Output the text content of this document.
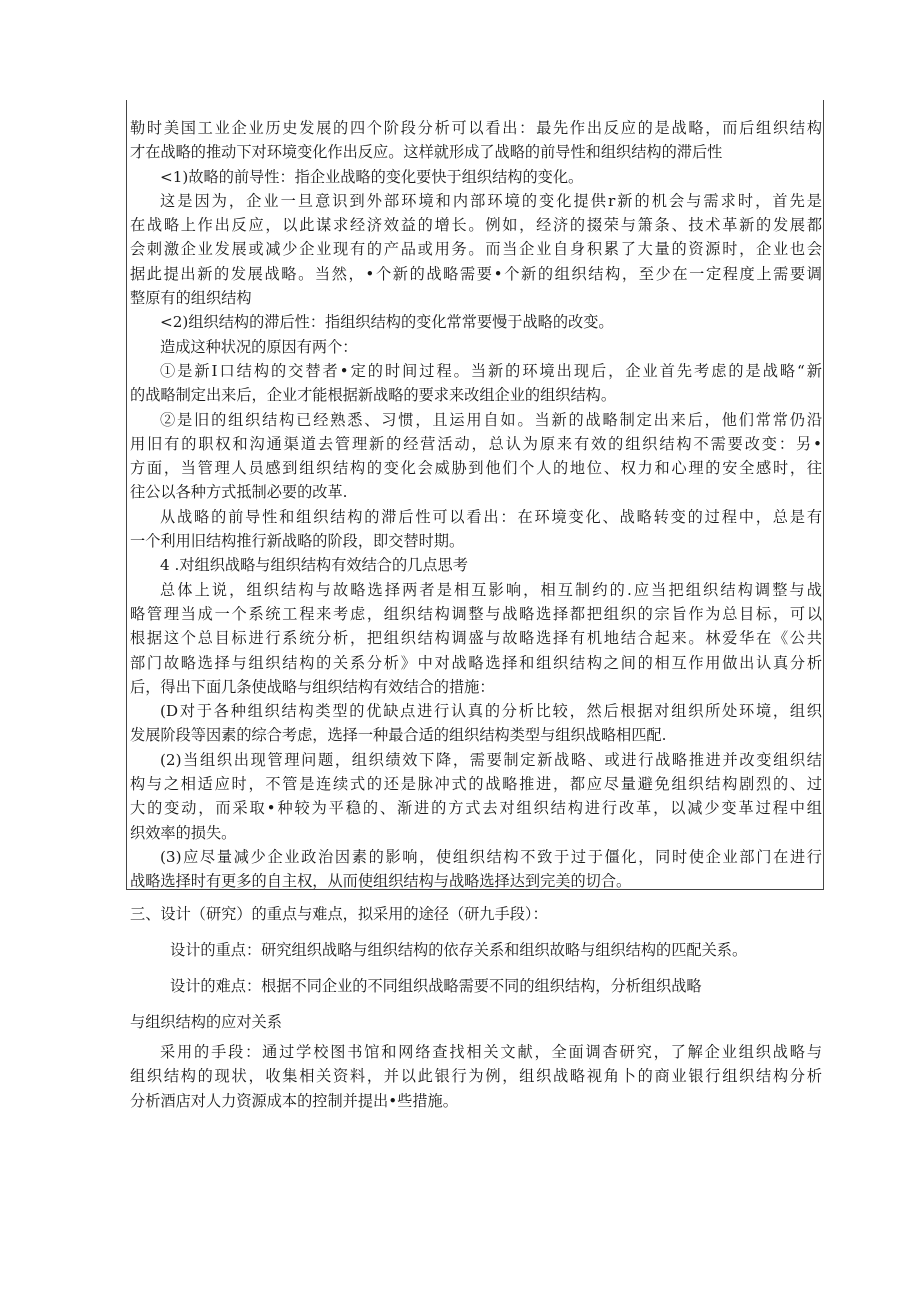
勒时美国工业企业历史发展的四个阶段分析可以看出：最先作出反应的是战略，而后组织结构
才在战略的推动下对环境变化作出反应。这样就形成了战略的前导性和组织结构的滞后性
<1)故略的前导性：指企业战略的变化要快于组织结构的变化。
这是因为，企业一旦意识到外部环境和内部环境的变化提供r新的机会与需求时，首先是
在战略上作出反应，以此谋求经济效益的增长。例如，经济的掇荣与箫条、技术革新的发展都
会刺激企业发展或减少企业现有的产品或用务。而当企业自身积累了大量的资源时，企业也会
据此提出新的发展战略。当然，•个新的战略需要•个新的组织结构，至少在一定程度上需要调
整原有的组织结构
<2)组织结构的滞后性：指组织结构的变化常常要慢于战略的改变。
造成这种状况的原因有两个：
①是新I口结构的交替者•定的时间过程。当新的环境出现后，企业首先考虑的是战略“新
的战略制定出来后，企业才能根据新战略的要求来改组企业的组织结构。
②是旧的组织结构已经熟悉、习惯，且运用自如。当新的战略制定出来后，他们常常仍沿
用旧有的职权和沟通渠道去管理新的经营活动，总认为原来有效的组织结构不需要改变：另•
方面，当管理人员感到组织结构的变化会威胁到他们个人的地位、权力和心理的安全感时，往
往公以各种方式抵制必要的改革.
从战略的前导性和组织结构的滞后性可以看出：在环境变化、战略转变的过程中，总是有
一个利用旧结构推行新战略的阶段，即交替时期。
4 .对组织战略与组织结构有效结合的几点思考
总体上说，组织结构与故略选择两者是相互影响，相互制约的.应当把组织结构调整与战
略管理当成一个系统工程来考虑，组织结构调整与战略选择都把组织的宗旨作为总目标，可以
根据这个总目标进行系统分析，把组织结构调盛与故略选择有机地结合起来。林爱华在《公共
部门故略选择与组织结构的关系分析》中对战略选择和组织结构之间的相互作用做出认真分析
后，得出下面几条使战略与组织结构有效结合的措施：
(D对于各种组织结构类型的优缺点进行认真的分析比较，然后根据对组织所处环境，组织
发展阶段等因素的综合考虑，选择一种最合适的组织结构类型与组织战略相匹配.
(2)当组织出现管理问题，组织绩效下降，需要制定新战略、或进行战略推进并改变组织结
构与之相适应时，不管是连续式的还是脉冲式的战略推进，都应尽量避免组织结构剧烈的、过
大的变动，而采取•种较为平稳的、渐进的方式去对组织结构进行改革，以减少变革过程中组
织效率的损失。
(3)应尽量减少企业政治因素的影响，使组织结构不致于过于僵化，同时使企业部门在进行
战略选择时有更多的自主权，从而使组织结构与战略选择达到完美的切合。
三、设计（研究）的重点与难点，拟采用的途径（研九手段）：
设计的重点：研究组织战略与组织结构的依存关系和组织故略与组织结构的匹配关系。
设计的难点：根据不同企业的不同组织战略需要不同的组织结构，分析组织战略
与组织结构的应对关系
采用的手段：通过学校图书馆和网络查找相关文献，全面调杳研究，了解企业组织战略与
组织结构的现状，收集相关资料，并以此银行为例，组织战略视角卜的商业银行组织结构分析
分析酒店对人力资源成本的控制并提出•些措施。
